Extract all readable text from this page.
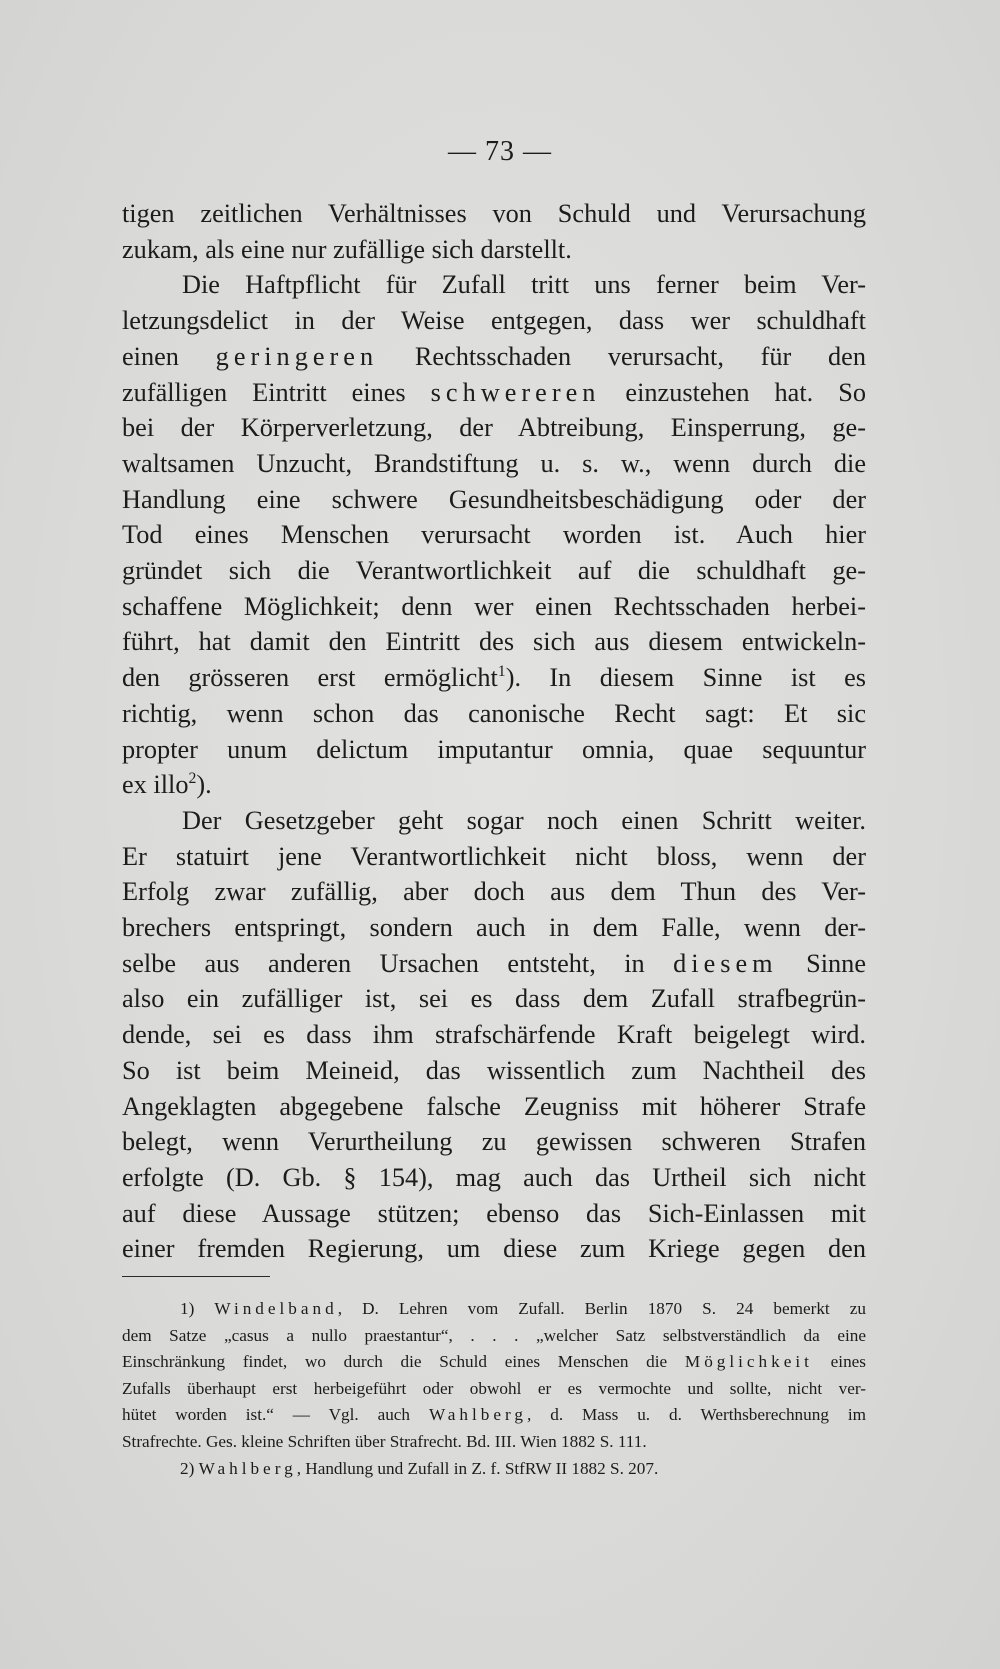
— 73 —
tigen zeitlichen Verhältnisses von Schuld und Verursachung
zukam, als eine nur zufällige sich darstellt.
Die Haftpflicht für Zufall tritt uns ferner beim Ver-
letzungsdelict in der Weise entgegen, dass wer schuldhaft
einen geringeren Rechtsschaden verursacht, für den
zufälligen Eintritt eines schwereren einzustehen hat. So
bei der Körperverletzung, der Abtreibung, Einsperrung, ge-
waltsamen Unzucht, Brandstiftung u. s. w., wenn durch die
Handlung eine schwere Gesundheitsbeschädigung oder der
Tod eines Menschen verursacht worden ist. Auch hier
gründet sich die Verantwortlichkeit auf die schuldhaft ge-
schaffene Möglichkeit; denn wer einen Rechtsschaden herbei-
führt, hat damit den Eintritt des sich aus diesem entwickeln-
den grösseren erst ermöglicht$^1$). In diesem Sinne ist es
richtig, wenn schon das canonische Recht sagt: Et sic
propter unum delictum imputantur omnia, quae sequuntur
ex illo$^2$).
Der Gesetzgeber geht sogar noch einen Schritt weiter.
Er statuirt jene Verantwortlichkeit nicht bloss, wenn der
Erfolg zwar zufällig, aber doch aus dem Thun des Ver-
brechers entspringt, sondern auch in dem Falle, wenn der-
selbe aus anderen Ursachen entsteht, in diesem Sinne
also ein zufälliger ist, sei es dass dem Zufall strafbegrün-
dende, sei es dass ihm strafschärfende Kraft beigelegt wird.
So ist beim Meineid, das wissentlich zum Nachtheil des
Angeklagten abgegebene falsche Zeugniss mit höherer Strafe
belegt, wenn Verurtheilung zu gewissen schweren Strafen
erfolgte (D. Gb. § 154), mag auch das Urtheil sich nicht
auf diese Aussage stützen; ebenso das Sich-Einlassen mit
einer fremden Regierung, um diese zum Kriege gegen den
1) Windelband, D. Lehren vom Zufall. Berlin 1870 S. 24 bemerkt zu
dem Satze „casus a nullo praestantur“, . . . „welcher Satz selbstverständlich da eine
Einschränkung findet, wo durch die Schuld eines Menschen die Möglichkeit eines
Zufalls überhaupt erst herbeigeführt oder obwohl er es vermochte und sollte, nicht ver-
hütet worden ist.“ — Vgl. auch Wahlberg, d. Mass u. d. Werthsberechnung im
Strafrechte. Ges. kleine Schriften über Strafrecht. Bd. III. Wien 1882 S. 111.
2) Wahlberg, Handlung und Zufall in Z. f. StfRW II 1882 S. 207.
